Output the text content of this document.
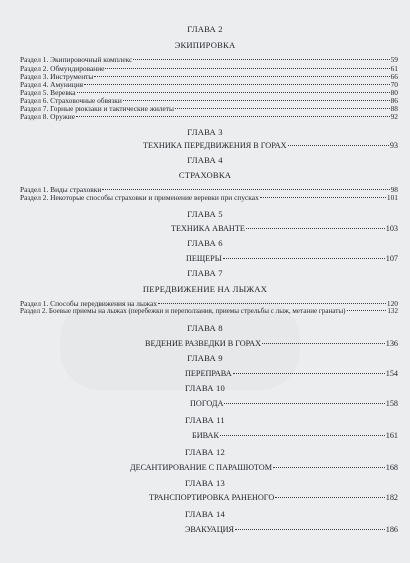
ГЛАВА 2
ЭКИПИРОВКА
Раздел 1. Экипировочный комплекс	59
Раздел 2. Обмундирование	61
Раздел 3. Инструменты	66
Раздел 4. Амуниция	70
Раздел 5. Веревка	80
Раздел 6. Страховочные обвязки	86
Раздел 7. Горные рюкзаки и тактические жилеты	88
Раздел 8. Оружие	92
ГЛАВА 3
ТЕХНИКА ПЕРЕДВИЖЕНИЯ В ГОРАХ	93
ГЛАВА 4
СТРАХОВКА
Раздел 1. Виды страховки	98
Раздел 2. Некоторые способы страховки и применение веревки при спусках	101
ГЛАВА 5
ТЕХНИКА АВАНТЕ	103
ГЛАВА 6
ПЕЩЕРЫ	107
ГЛАВА 7
ПЕРЕДВИЖЕНИЕ НА ЛЫЖАХ
Раздел 1. Способы передвижения на лыжах	120
Раздел 2. Боевые приемы на лыжах (перебежки и переползания, приемы стрельбы с лыж, метание гранаты)	132
ГЛАВА 8
ВЕДЕНИЕ РАЗВЕДКИ В ГОРАХ	136
ГЛАВА 9
ПЕРЕПРАВА	154
ГЛАВА 10
ПОГОДА	158
ГЛАВА 11
БИВАК	161
ГЛАВА 12
ДЕСАНТИРОВАНИЕ С ПАРАШЮТОМ	168
ГЛАВА 13
ТРАНСПОРТИРОВКА РАНЕНОГО	182
ГЛАВА 14
ЭВАКУАЦИЯ	186
